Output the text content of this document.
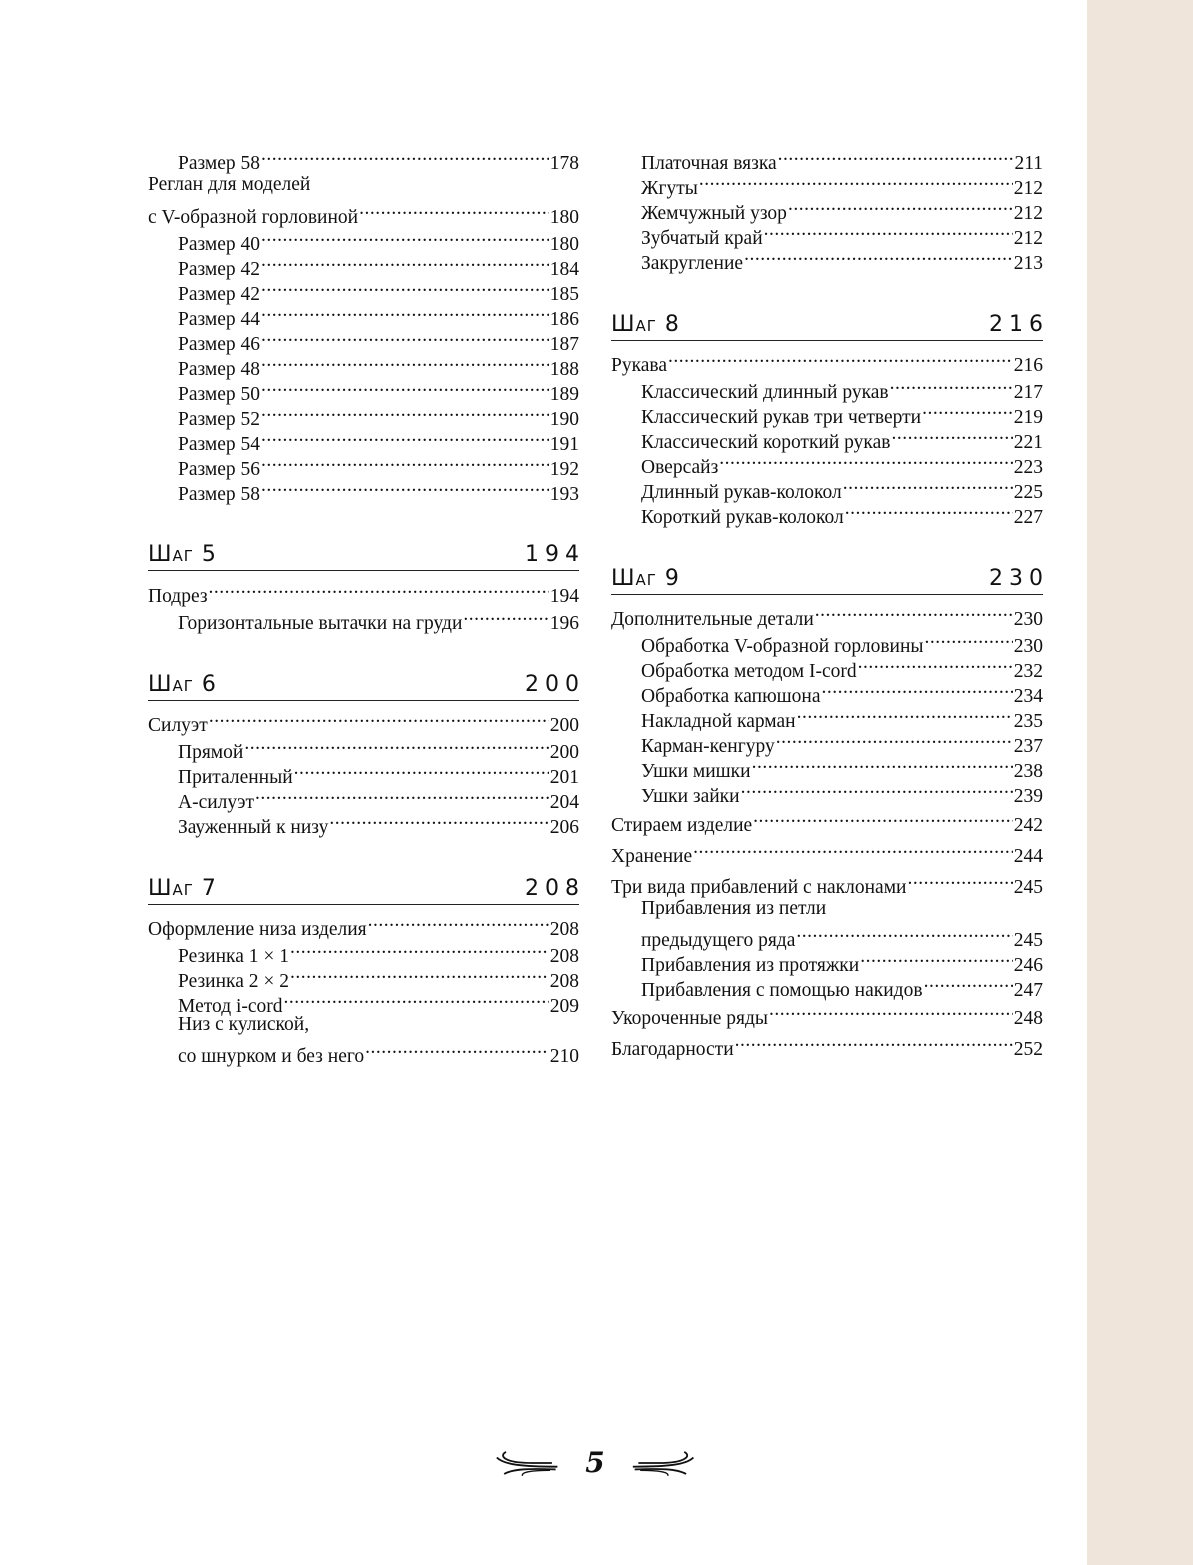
Размер 58 .....	178
Реглан для моделей
с V-образной горловиной .....	180
Размер 40 .....	180
Размер 42 .....	184
Размер 42 .....	185
Размер 44 .....	186
Размер 46 .....	187
Размер 48 .....	188
Размер 50 .....	189
Размер 52 .....	190
Размер 54 .....	191
Размер 56 .....	192
Размер 58 .....	193
Шаг 5	194
Подрез .....	194
Горизонтальные вытачки на груди .....	196
Шаг 6	200
Силуэт .....	200
Прямой .....	200
Приталенный .....	201
А-силуэт .....	204
Зауженный к низу .....	206
Шаг 7	208
Оформление низа изделия .....	208
Резинка 1 × 1 .....	208
Резинка 2 × 2 .....	208
Метод i-cord .....	209
Низ с кулиской,
со шнурком и без него .....	210
Платочная вязка .....	211
Жгуты .....	212
Жемчужный узор .....	212
Зубчатый край .....	212
Закругление .....	213
Шаг 8	216
Рукава .....	216
Классический длинный рукав .....	217
Классический рукав три четверти .....	219
Классический короткий рукав .....	221
Оверсайз .....	223
Длинный рукав-колокол .....	225
Короткий рукав-колокол .....	227
Шаг 9	230
Дополнительные детали .....	230
Обработка V-образной горловины .....	230
Обработка методом I-cord .....	232
Обработка капюшона .....	234
Накладной карман .....	235
Карман-кенгуру .....	237
Ушки мишки .....	238
Ушки зайки .....	239
Стираем изделие .....	242
Хранение .....	244
Три вида прибавлений с наклонами .....	245
Прибавления из петли
предыдущего ряда .....	245
Прибавления из протяжки .....	246
Прибавления с помощью накидов .....	247
Укороченные ряды .....	248
Благодарности .....	252
5
